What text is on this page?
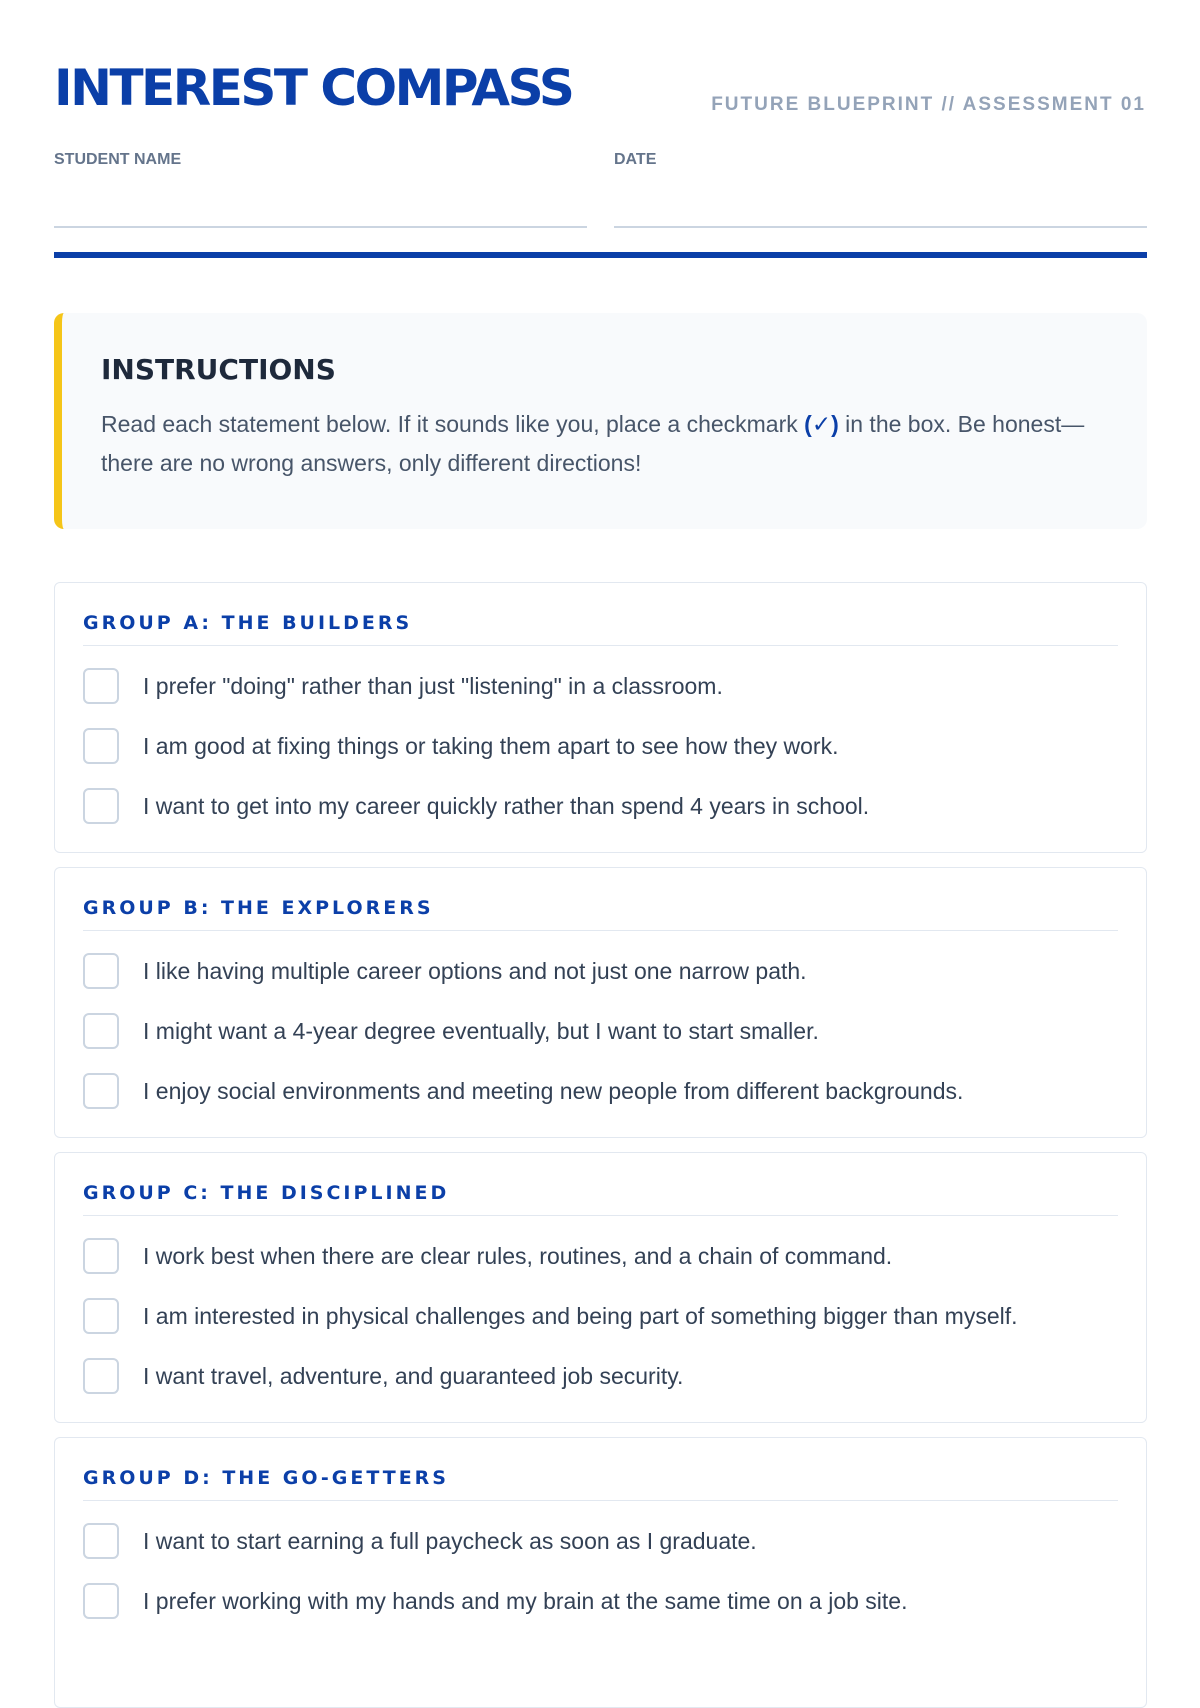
INTEREST COMPASS	FUTURE BLUEPRINT // ASSESSMENT 01
STUDENT NAME	DATE
INSTRUCTIONS
Read each statement below. If it sounds like you, place a checkmark (✓) in the box. Be honest—there are no wrong answers, only different directions!
GROUP A: THE BUILDERS
I prefer "doing" rather than just "listening" in a classroom.
I am good at fixing things or taking them apart to see how they work.
I want to get into my career quickly rather than spend 4 years in school.
GROUP B: THE EXPLORERS
I like having multiple career options and not just one narrow path.
I might want a 4-year degree eventually, but I want to start smaller.
I enjoy social environments and meeting new people from different backgrounds.
GROUP C: THE DISCIPLINED
I work best when there are clear rules, routines, and a chain of command.
I am interested in physical challenges and being part of something bigger than myself.
I want travel, adventure, and guaranteed job security.
GROUP D: THE GO-GETTERS
I want to start earning a full paycheck as soon as I graduate.
I prefer working with my hands and my brain at the same time on a job site.
